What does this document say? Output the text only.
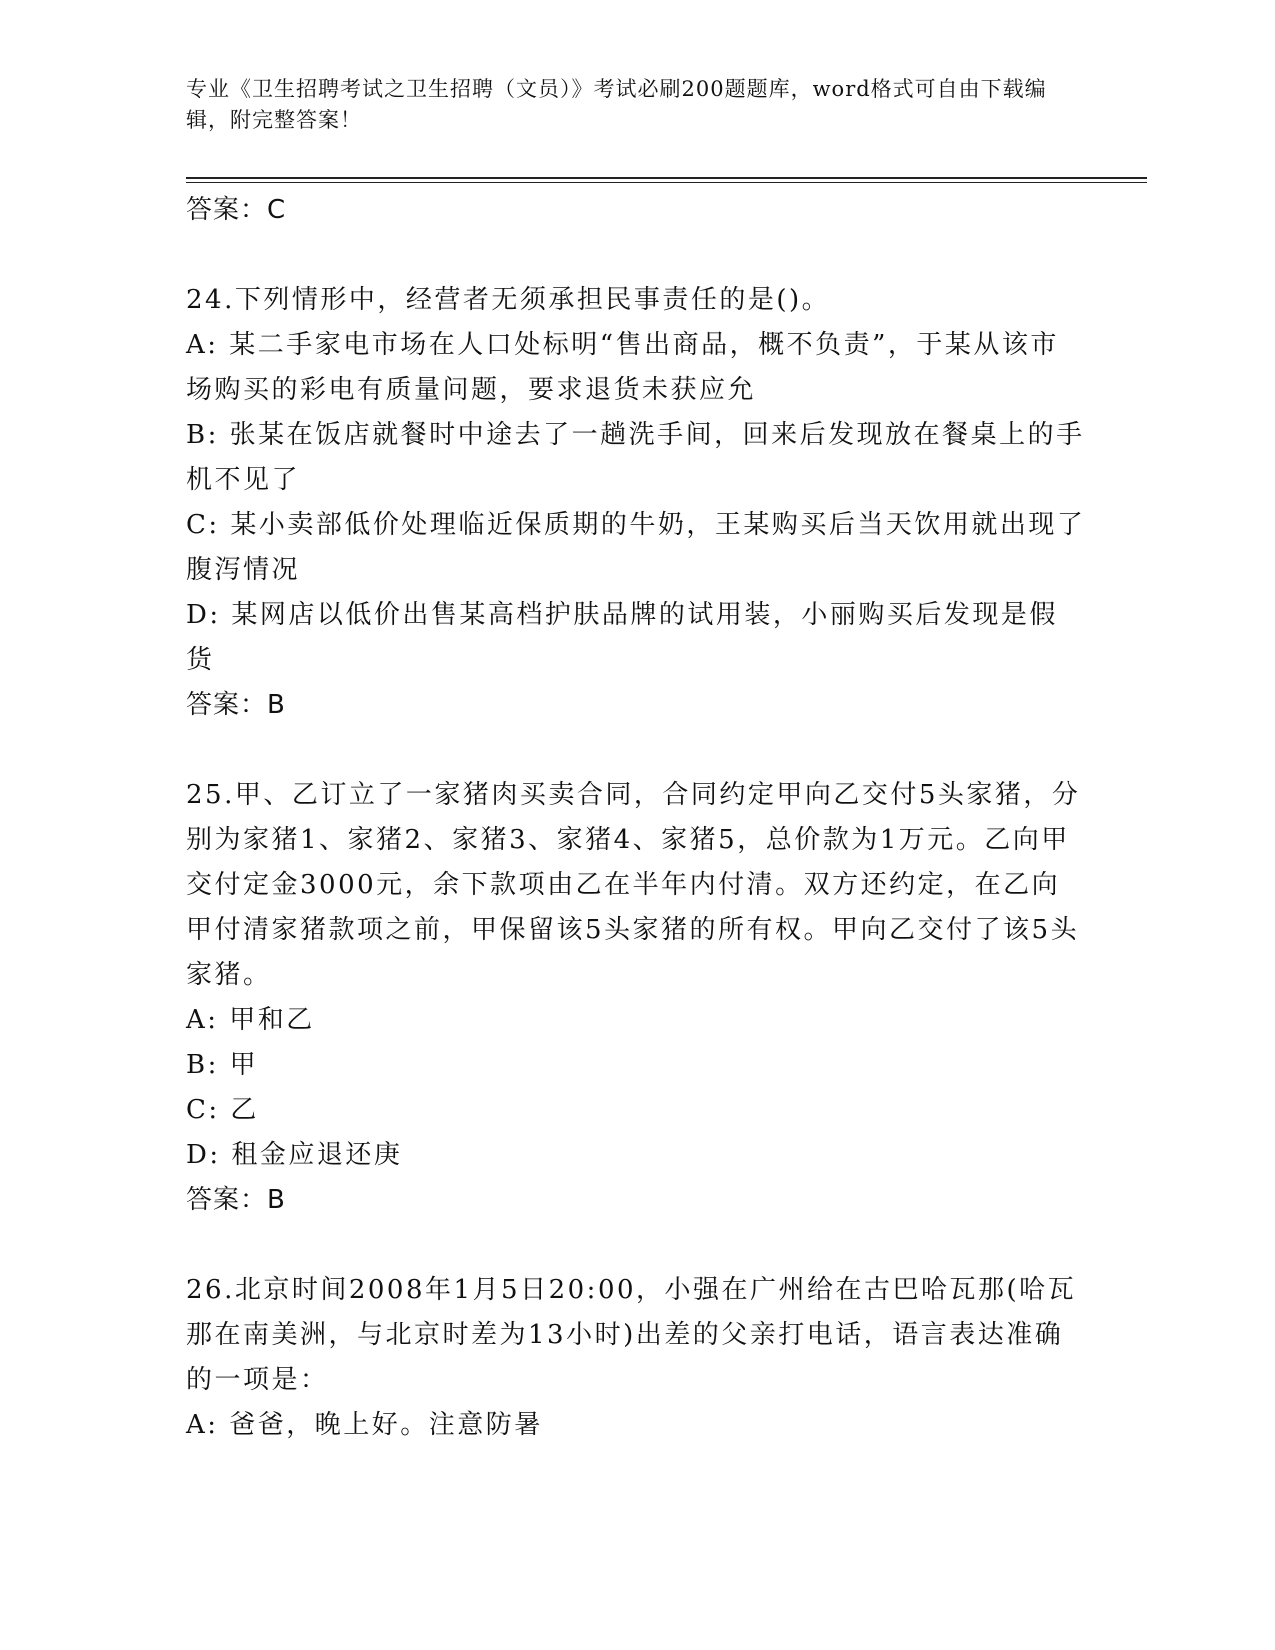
专业《卫生招聘考试之卫生招聘（文员）》考试必刷200题题库，word格式可自由下载编辑，附完整答案！

答案：C

24.下列情形中，经营者无须承担民事责任的是()。

A: 某二手家电市场在人口处标明“售出商品，概不负责”，于某从该市场购买的彩电有质量问题，要求退货未获应允

B: 张某在饭店就餐时中途去了一趟洗手间，回来后发现放在餐桌上的手机不见了

C: 某小卖部低价处理临近保质期的牛奶，王某购买后当天饮用就出现了腹泻情况

D: 某网店以低价出售某高档护肤品牌的试用装，小丽购买后发现是假货

答案：B

25.甲、乙订立了一家猪肉买卖合同，合同约定甲向乙交付5头家猪，分别为家猪1、家猪2、家猪3、家猪4、家猪5，总价款为1万元。乙向甲交付定金3000元，余下款项由乙在半年内付清。双方还约定，在乙向甲付清家猪款项之前，甲保留该5头家猪的所有权。甲向乙交付了该5头家猪。

A: 甲和乙

B: 甲

C: 乙

D: 租金应退还庚

答案：B

26.北京时间2008年1月5日20:00，小强在广州给在古巴哈瓦那(哈瓦那在南美洲，与北京时差为13小时)出差的父亲打电话，语言表达准确的一项是：

A: 爸爸，晚上好。注意防暑
